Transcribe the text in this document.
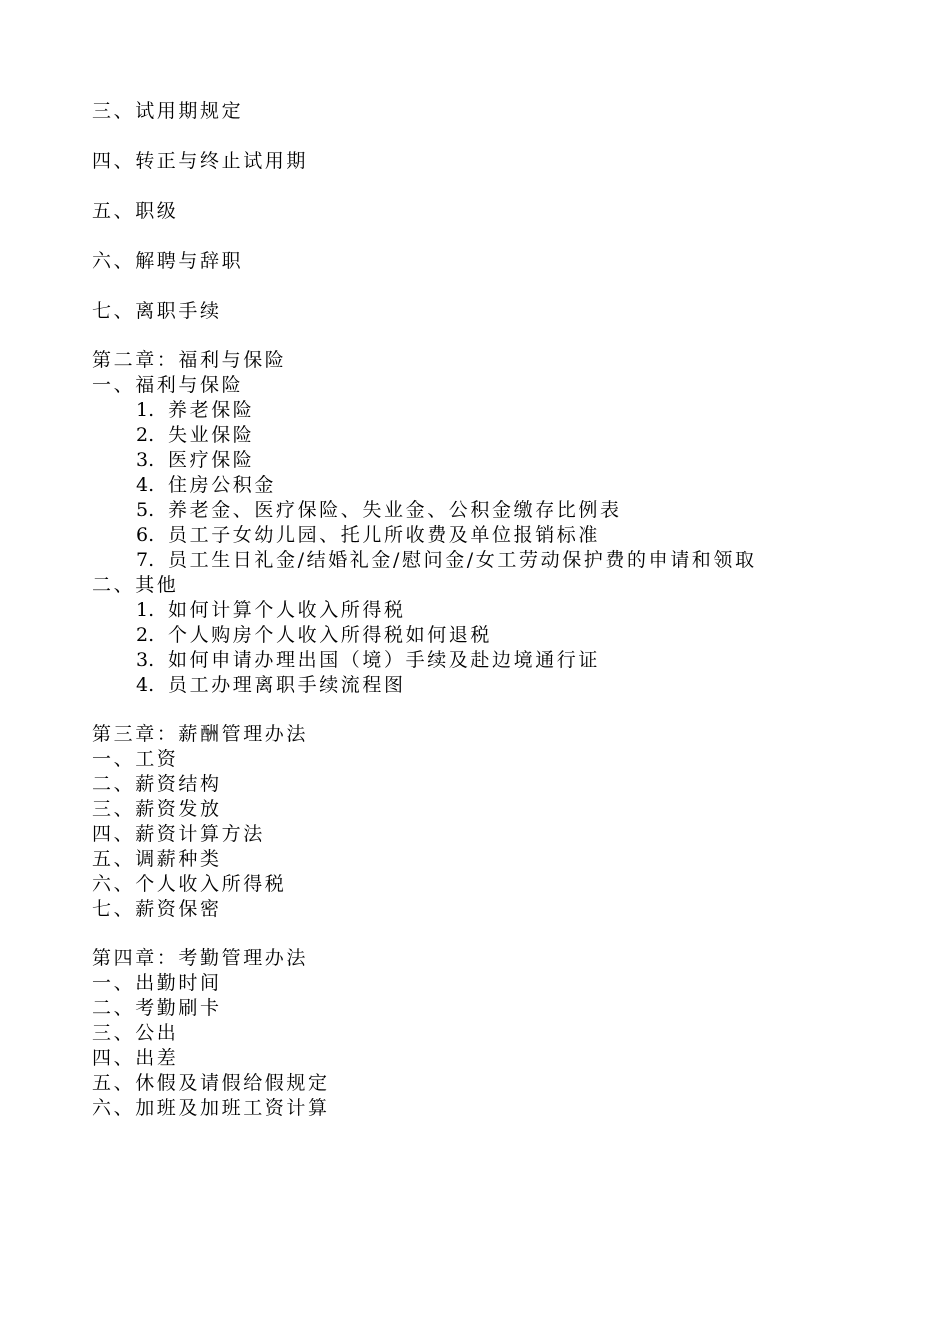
三、试用期规定
四、转正与终止试用期
五、职级
六、解聘与辞职
七、离职手续
第二章：福利与保险
一、福利与保险
1. 养老保险
2. 失业保险
3. 医疗保险
4. 住房公积金
5. 养老金、医疗保险、失业金、公积金缴存比例表
6. 员工子女幼儿园、托儿所收费及单位报销标准
7. 员工生日礼金/结婚礼金/慰问金/女工劳动保护费的申请和领取
二、其他
1. 如何计算个人收入所得税
2. 个人购房个人收入所得税如何退税
3. 如何申请办理出国（境）手续及赴边境通行证
4. 员工办理离职手续流程图
第三章：薪酬管理办法
一、工资
二、薪资结构
三、薪资发放
四、薪资计算方法
五、调薪种类
六、个人收入所得税
七、薪资保密
第四章：考勤管理办法
一、出勤时间
二、考勤刷卡
三、公出
四、出差
五、休假及请假给假规定
六、加班及加班工资计算
